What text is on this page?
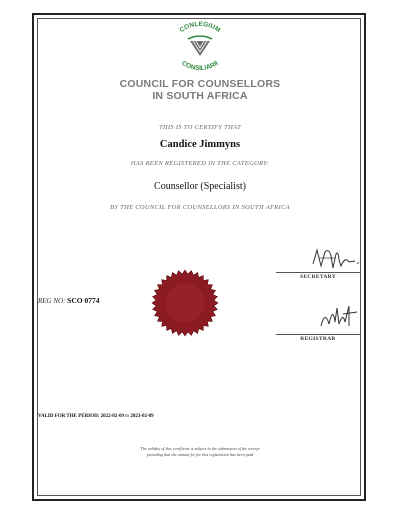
CONLEGIUM
CONSILIARII
COUNCIL FOR COUNSELLORS
IN SOUTH AFRICA
THIS IS TO CERTIFY THAT
Candice Jimmyns
HAS BEEN REGISTERED IN THE CATEGORY:
Counsellor (Specialist)
BY THE COUNCIL FOR COUNSELLORS IN SOUTH AFRICA
SECRETARY
REG NO: SCO 0774
REGISTRAR
VALID FOR THE PERIOD: 2022-02-09 to 2023-02-09
The validity of this certificate is subject to the submission of the receipt
providing that the annual fee for this registration has been paid
